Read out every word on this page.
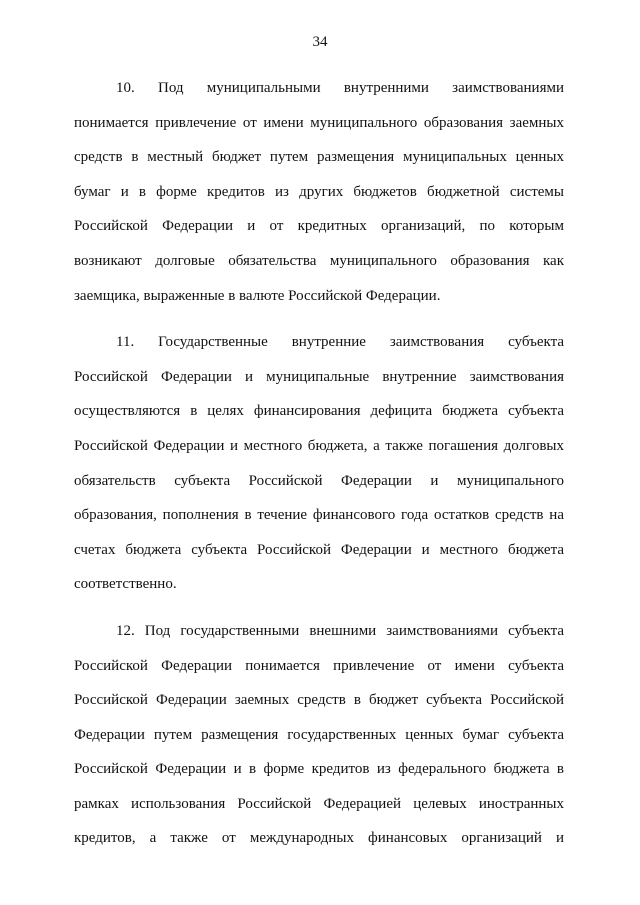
34
10. Под муниципальными внутренними заимствованиями
понимается привлечение от имени муниципального образования заемных
средств в местный бюджет путем размещения муниципальных ценных
бумаг и в форме кредитов из других бюджетов бюджетной системы
Российской Федерации и от кредитных организаций, по которым
возникают долговые обязательства муниципального образования как
заемщика, выраженные в валюте Российской Федерации.
11. Государственные внутренние заимствования субъекта
Российской Федерации и муниципальные внутренние заимствования
осуществляются в целях финансирования дефицита бюджета субъекта
Российской Федерации и местного бюджета, а также погашения долговых
обязательств субъекта Российской Федерации и муниципального
образования, пополнения в течение финансового года остатков средств на
счетах бюджета субъекта Российской Федерации и местного бюджета
соответственно.
12. Под государственными внешними заимствованиями субъекта
Российской Федерации понимается привлечение от имени субъекта
Российской Федерации заемных средств в бюджет субъекта Российской
Федерации путем размещения государственных ценных бумаг субъекта
Российской Федерации и в форме кредитов из федерального бюджета в
рамках использования Российской Федерацией целевых иностранных
кредитов, а также от международных финансовых организаций и
